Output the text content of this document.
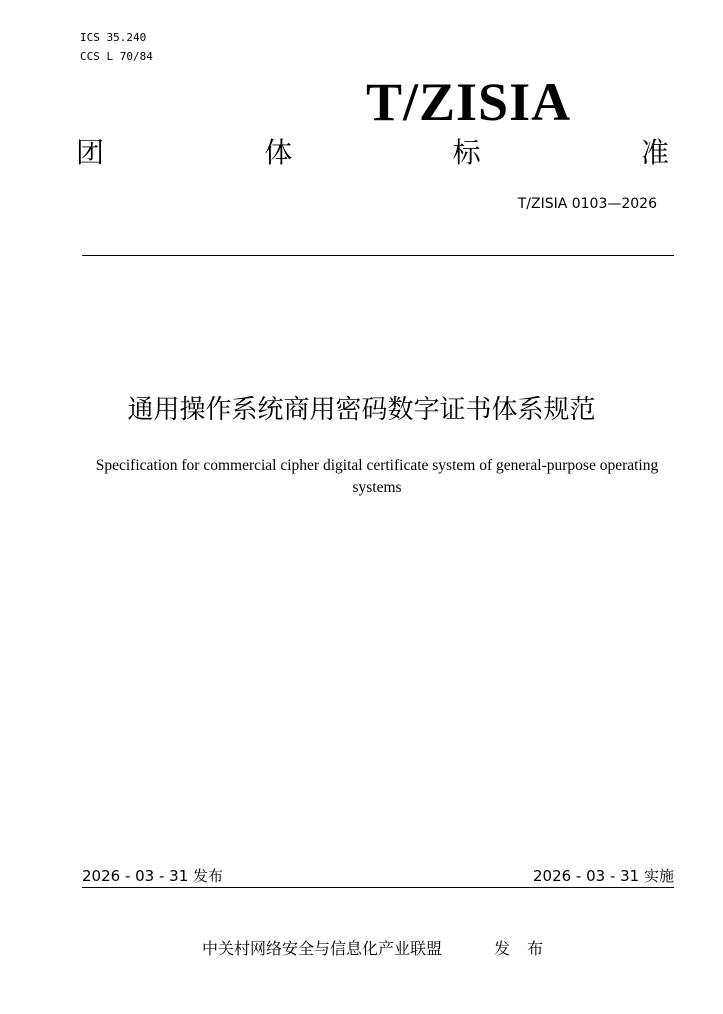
ICS 35.240
CCS L 70/84
T/ZISIA
团	体	标	准
T/ZISIA 0103—2026
通用操作系统商用密码数字证书体系规范
Specification for commercial cipher digital certificate system of general-purpose operating systems
2026 - 03 - 31 发布	2026 - 03 - 31 实施
中关村网络安全与信息化产业联盟	发 布
